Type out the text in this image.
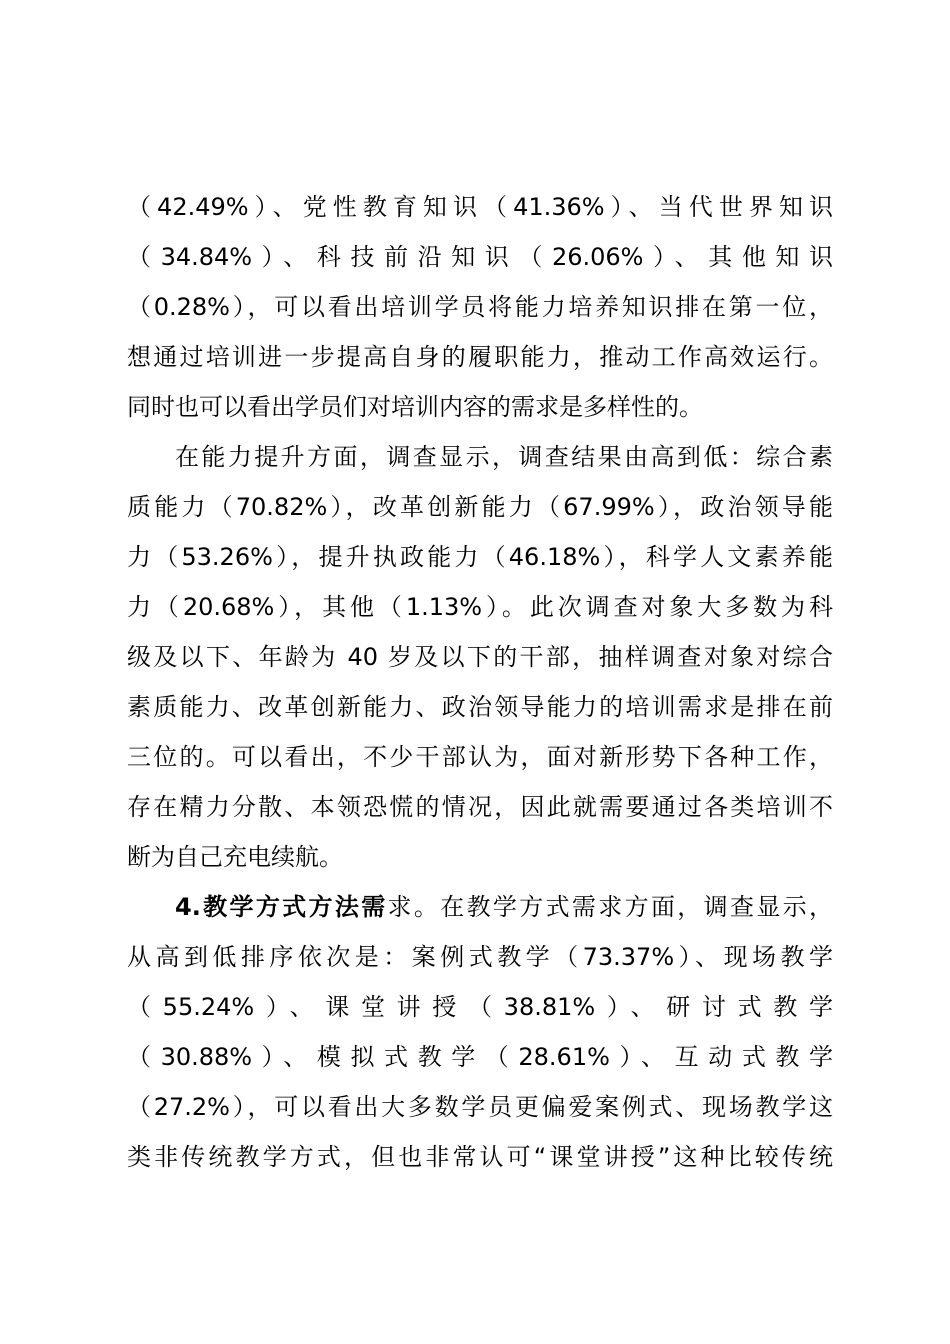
（42.49%）、党性教育知识（41.36%）、当代世界知识
（34.84%）、科技前沿知识（26.06%）、其他知识
（0.28%），可以看出培训学员将能力培养知识排在第一位，
想通过培训进一步提高自身的履职能力，推动工作高效运行。
同时也可以看出学员们对培训内容的需求是多样性的。
在能力提升方面，调查显示，调查结果由高到低：综合素
质能力（70.82%），改革创新能力（67.99%），政治领导能
力（53.26%），提升执政能力（46.18%），科学人文素养能
力（20.68%），其他（1.13%）。此次调查对象大多数为科
级及以下、年龄为 40 岁及以下的干部，抽样调查对象对综合
素质能力、改革创新能力、政治领导能力的培训需求是排在前
三位的。可以看出，不少干部认为，面对新形势下各种工作，
存在精力分散、本领恐慌的情况，因此就需要通过各类培训不
断为自己充电续航。
4.教学方式方法需求。在教学方式需求方面，调查显示，
从高到低排序依次是：案例式教学（73.37%）、现场教学
（55.24%）、课堂讲授（38.81%）、研讨式教学
（30.88%）、模拟式教学（28.61%）、互动式教学
（27.2%），可以看出大多数学员更偏爱案例式、现场教学这
类非传统教学方式，但也非常认可“课堂讲授”这种比较传统
